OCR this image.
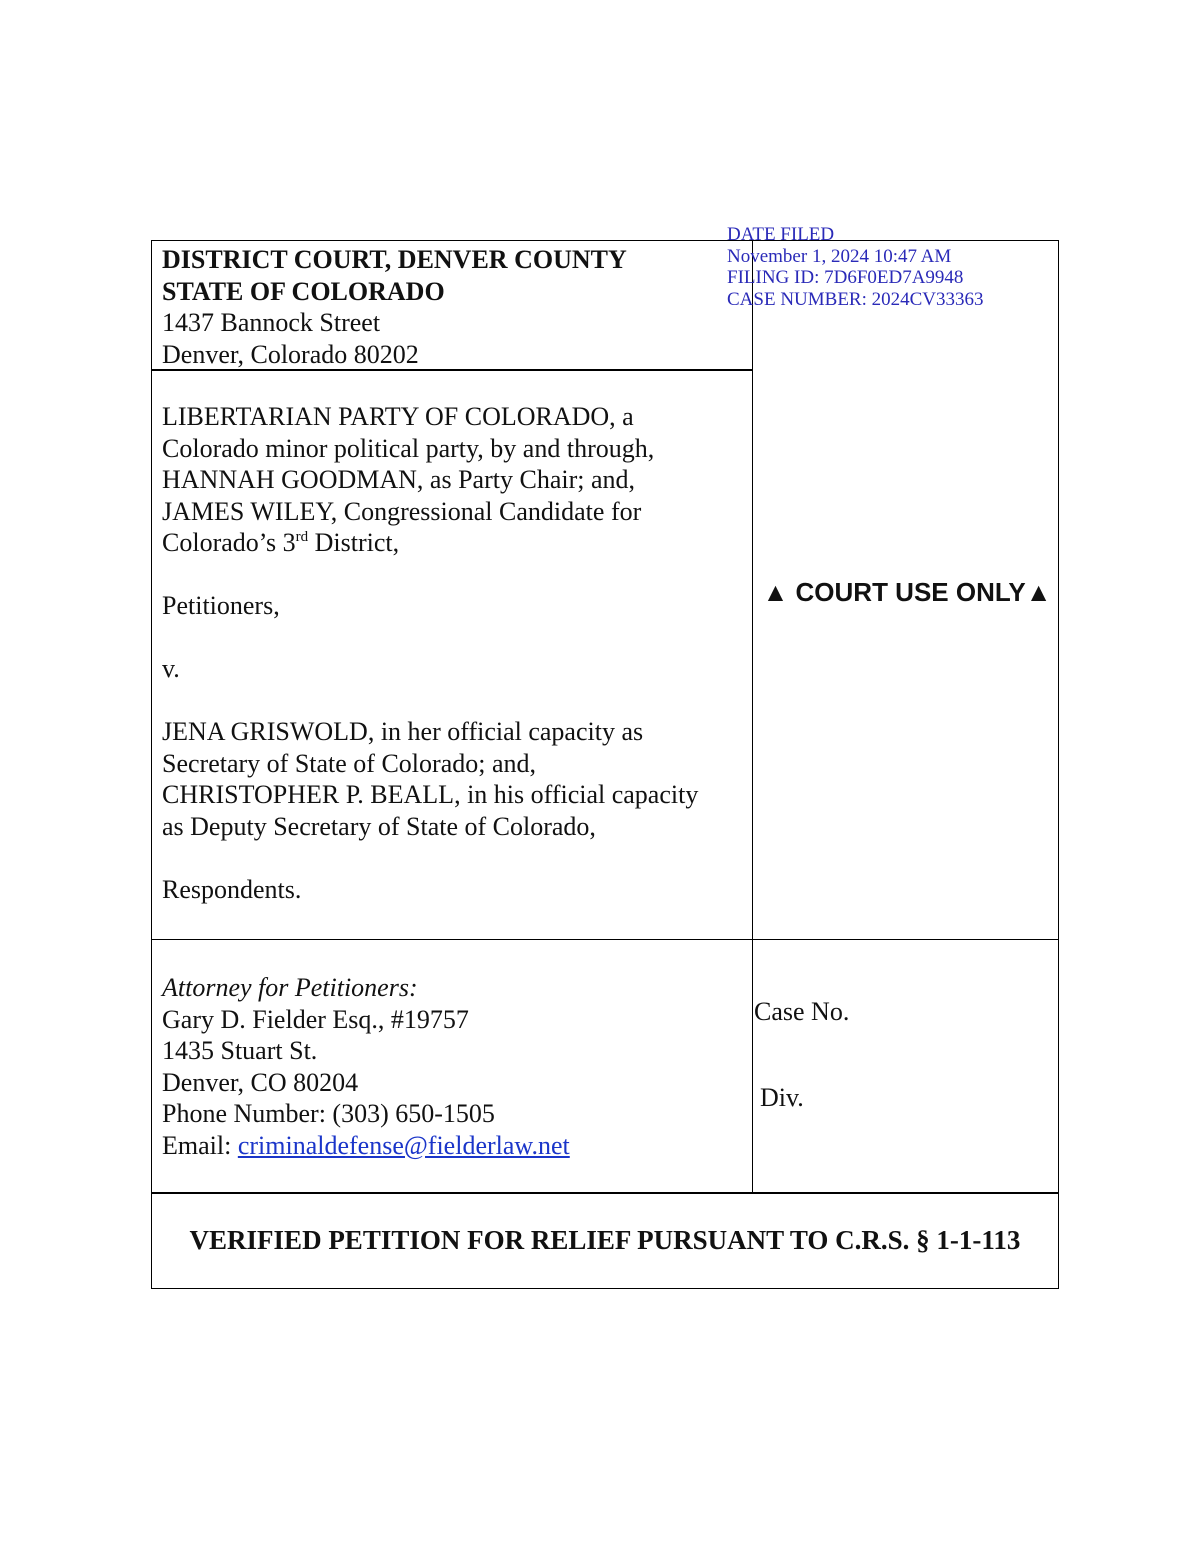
DISTRICT COURT, DENVER COUNTY
STATE OF COLORADO
1437 Bannock Street
Denver, Colorado 80202

LIBERTARIAN PARTY OF COLORADO, a

Colorado minor political party, by and through,

HANNAH GOODMAN, as Party Chair; and,

JAMES WILEY, Congressional Candidate for

Colorado’s 3rd District,

Petitioners,

v.

JENA GRISWOLD, in her official capacity as

Secretary of State of Colorado; and,

CHRISTOPHER P. BEALL, in his official capacity

as Deputy Secretary of State of Colorado,

Respondents.

▲ COURT USE ONLY▲
Attorney for Petitioners:
Gary D. Fielder Esq., #19757
1435 Stuart St.
Denver, CO 80204
Phone Number: (303) 650-1505
Email: criminaldefense@fielderlaw.net
Case No.
Div.
VERIFIED PETITION FOR RELIEF PURSUANT TO C.R.S. § 1-1-113
DATE FILED
November 1, 2024 10:47 AM
FILING ID: 7D6F0ED7A9948
CASE NUMBER: 2024CV33363
